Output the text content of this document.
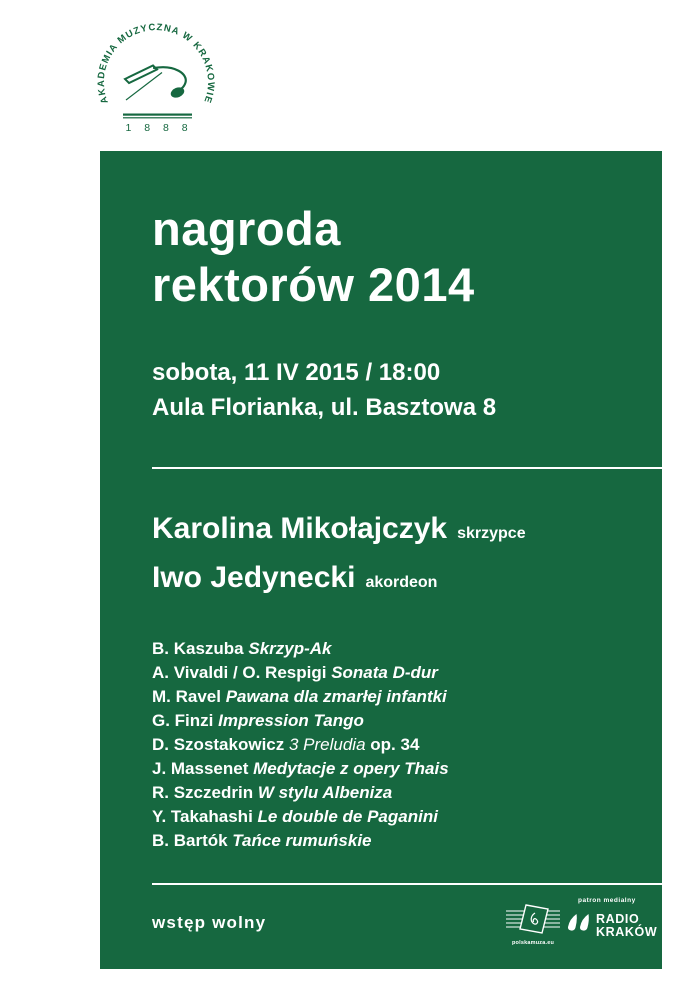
AKADEMIA MUZYCZNA W KRAKOWIE
1 8 8 8
nagroda
rektorów 2014
sobota, 11 IV 2015 / 18:00
Aula Florianka, ul. Basztowa 8
Karolina Mikołajczyk skrzypce
Iwo Jedynecki akordeon
B. Kaszuba Skrzyp-Ak
A. Vivaldi / O. Respigi Sonata D-dur
M. Ravel Pawana dla zmarłej infantki
G. Finzi Impression Tango
D. Szostakowicz 3 Preludia op. 34
J. Massenet Medytacje z opery Thais
R. Szczedrin W stylu Albeniza
Y. Takahashi Le double de Paganini
B. Bartók Tańce rumuńskie
wstęp wolny
polskamuza.eu
patron medialny
RADIO
KRAKÓW
